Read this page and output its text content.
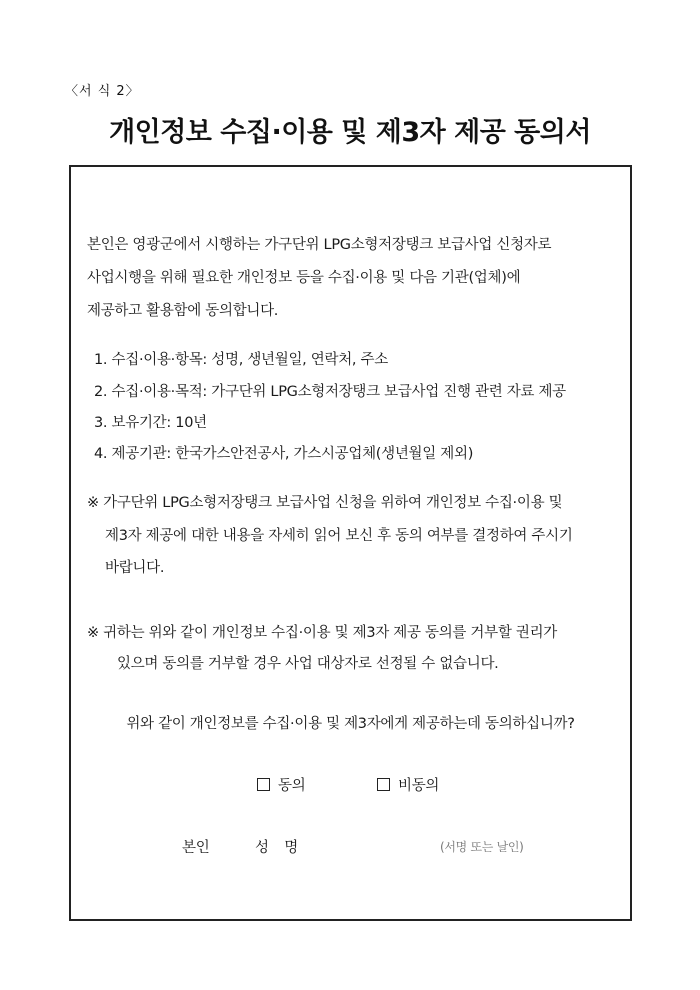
〈서 식 2〉
개인정보 수집·이용 및 제3자 제공 동의서
본인은 영광군에서 시행하는 가구단위 LPG소형저장탱크 보급사업 신청자로
사업시행을 위해 필요한 개인정보 등을 수집·이용 및 다음 기관(업체)에
제공하고 활용함에 동의합니다.
1. 수집·이용·항목: 성명, 생년월일, 연락처, 주소
2. 수집·이용·목적: 가구단위 LPG소형저장탱크 보급사업 진행 관련 자료 제공
3. 보유기간: 10년
4. 제공기관: 한국가스안전공사, 가스시공업체(생년월일 제외)
※ 가구단위 LPG소형저장탱크 보급사업 신청을 위하여 개인정보 수집·이용 및
제3자 제공에 대한 내용을 자세히 읽어 보신 후 동의 여부를 결정하여 주시기
바랍니다.
※ 귀하는 위와 같이 개인정보 수집·이용 및 제3자 제공 동의를 거부할 권리가
있으며 동의를 거부할 경우 사업 대상자로 선정될 수 없습니다.
위와 같이 개인정보를 수집·이용 및 제3자에게 제공하는데 동의하십니까?
동의	비동의
본인	성  명	(서명 또는 날인)
